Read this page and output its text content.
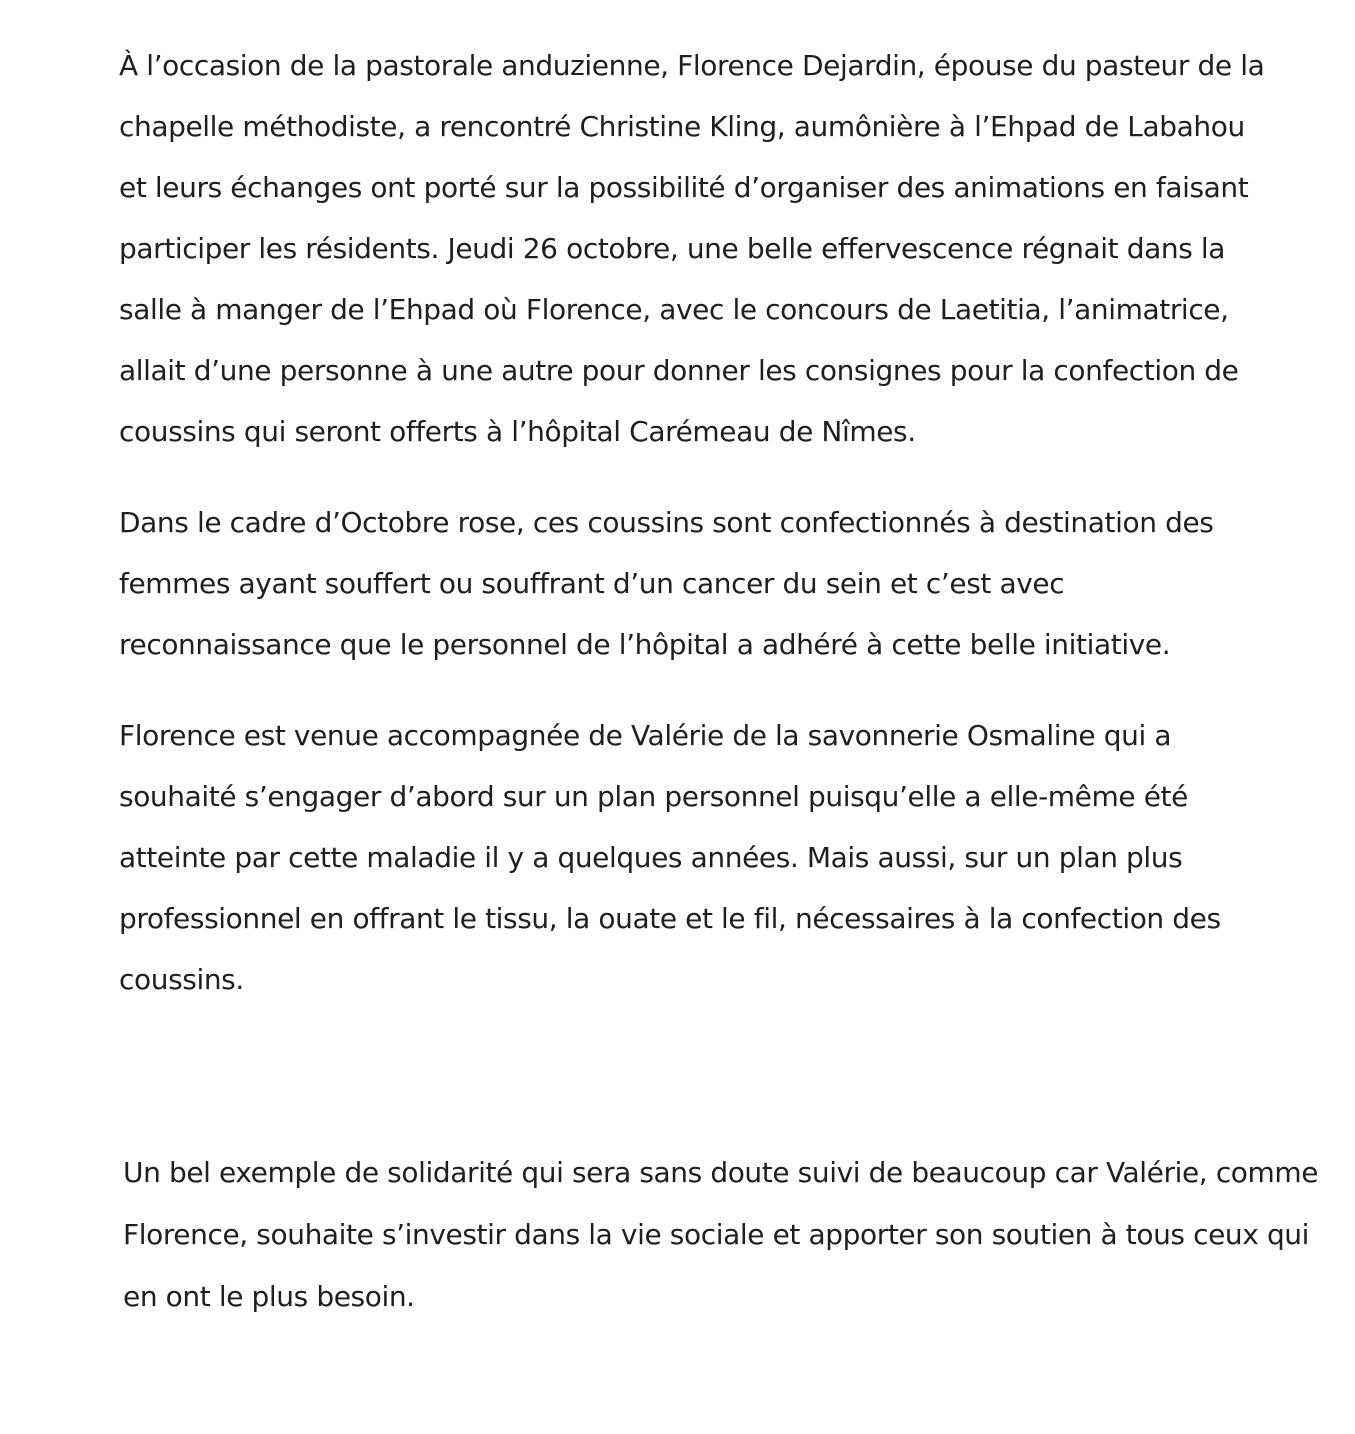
À l’occasion de la pastorale anduzienne, Florence Dejardin, épouse du pasteur de la chapelle méthodiste, a rencontré Christine Kling, aumônière à l’Ehpad de Labahou et leurs échanges ont porté sur la possibilité d’organiser des animations en faisant participer les résidents. Jeudi 26 octobre, une belle effervescence régnait dans la salle à manger de l’Ehpad où Florence, avec le concours de Laetitia, l’animatrice, allait d’une personne à une autre pour donner les consignes pour la confection de coussins qui seront offerts à l’hôpital Carémeau de Nîmes.

Dans le cadre d’Octobre rose, ces coussins sont confectionnés à destination des femmes ayant souffert ou souffrant d’un cancer du sein et c’est avec reconnaissance que le personnel de l’hôpital a adhéré à cette belle initiative.

Florence est venue accompagnée de Valérie de la savonnerie Osmaline qui a souhaité s’engager d’abord sur un plan personnel puisqu’elle a elle-même été atteinte par cette maladie il y a quelques années. Mais aussi, sur un plan plus professionnel en offrant le tissu, la ouate et le fil, nécessaires à la confection des coussins.

Un bel exemple de solidarité qui sera sans doute suivi de beaucoup car Valérie, comme Florence, souhaite s’investir dans la vie sociale et apporter son soutien à tous ceux qui en ont le plus besoin.
